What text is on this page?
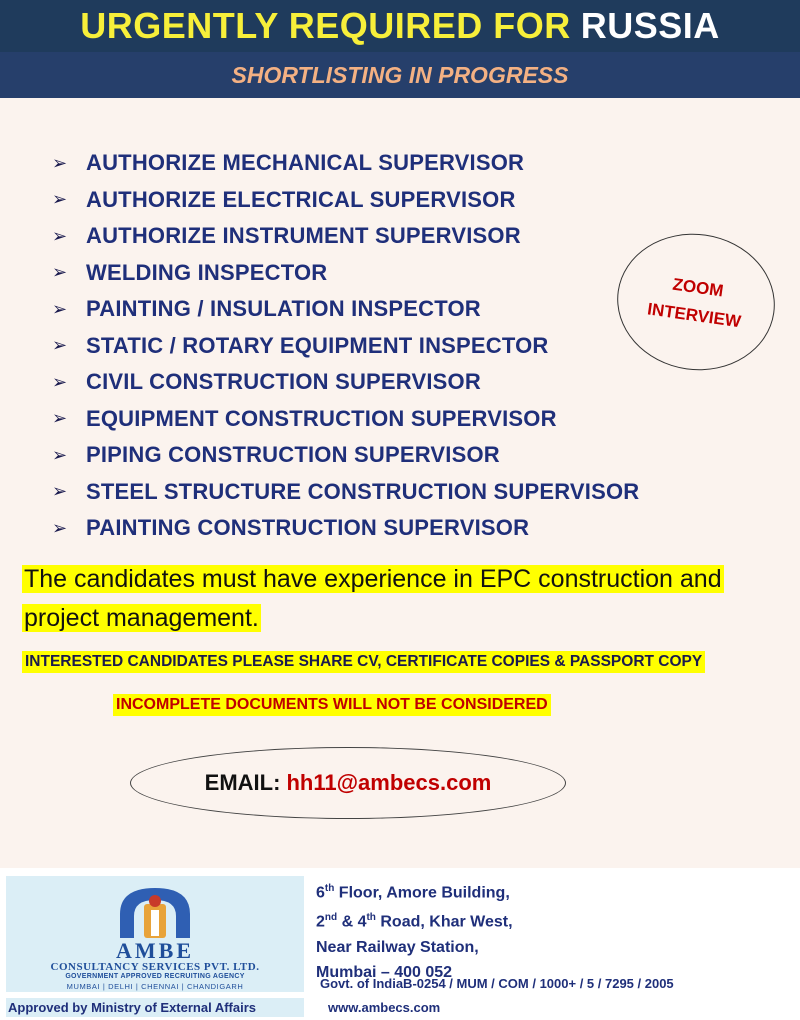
URGENTLY REQUIRED FOR RUSSIA
SHORTLISTING IN PROGRESS
➢ AUTHORIZE MECHANICAL SUPERVISOR
➢ AUTHORIZE ELECTRICAL SUPERVISOR
➢ AUTHORIZE INSTRUMENT SUPERVISOR
➢ WELDING INSPECTOR
➢ PAINTING / INSULATION INSPECTOR
➢ STATIC / ROTARY EQUIPMENT INSPECTOR
➢ CIVIL CONSTRUCTION SUPERVISOR
➢ EQUIPMENT CONSTRUCTION SUPERVISOR
➢ PIPING CONSTRUCTION SUPERVISOR
➢ STEEL STRUCTURE CONSTRUCTION SUPERVISOR
➢ PAINTING CONSTRUCTION SUPERVISOR
ZOOM
INTERVIEW
The candidates must have experience in EPC construction and project management.
INTERESTED CANDIDATES PLEASE SHARE CV, CERTIFICATE COPIES & PASSPORT COPY
INCOMPLETE DOCUMENTS WILL NOT BE CONSIDERED
EMAIL: hh11@ambecs.com
AMBE
CONSULTANCY SERVICES PVT. LTD.
GOVERNMENT APPROVED RECRUITING AGENCY
MUMBAI | DELHI | CHENNAI | CHANDIGARH
Approved by Ministry of External Affairs
6th Floor, Amore Building,
2nd & 4th Road, Khar West,
Near Railway Station,
Mumbai – 400 052
Govt. of IndiaB-0254 / MUM / COM / 1000+ / 5 / 7295 / 2005
www.ambecs.com
